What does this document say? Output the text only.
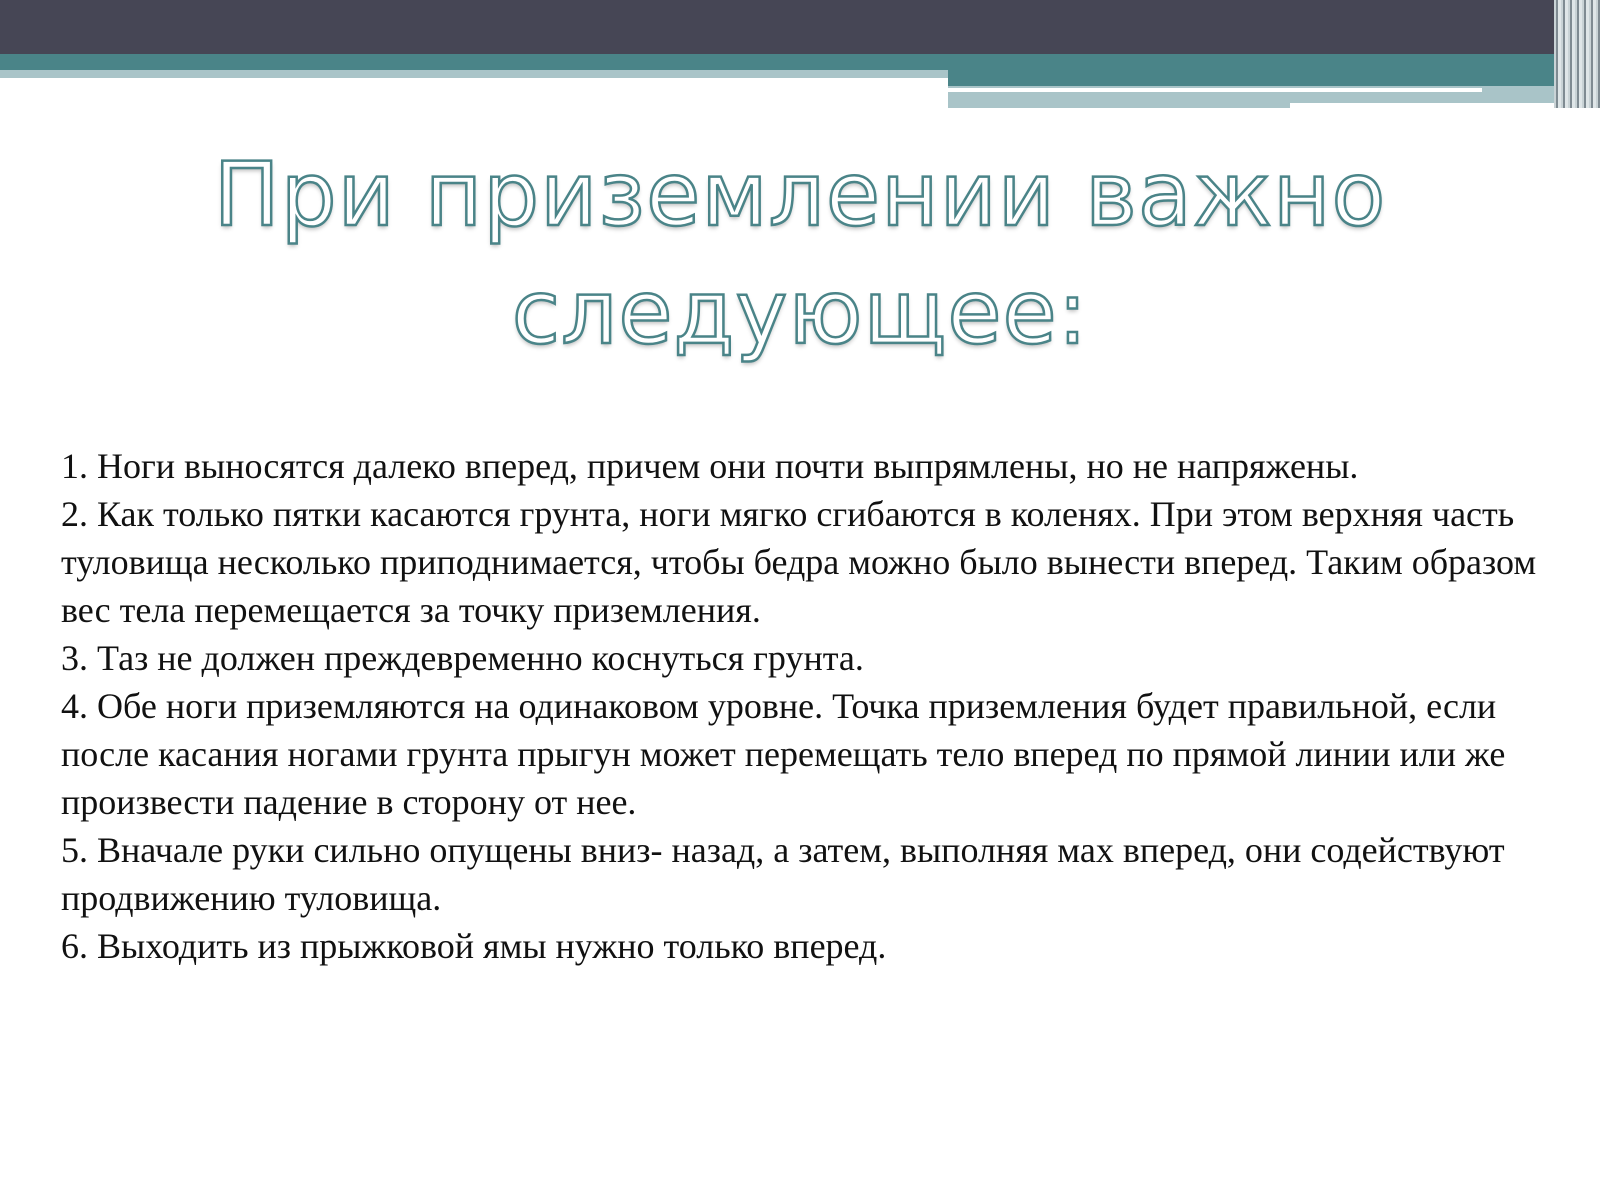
При приземлении важно
следующее:

1. Ноги выносятся далеко вперед, причем они почти выпрямлены, но не напряжены.

2. Как только пятки касаются грунта, ноги мягко сгибаются в коленях. При этом верхняя часть туловища несколько приподнимается, чтобы бедра можно было вынести вперед. Таким образом вес тела перемещается за точку приземления.

3. Таз не должен преждевременно коснуться грунта.

4. Обе ноги приземляются на одинаковом уровне. Точка приземления будет правильной, если после касания ногами грунта прыгун может перемещать тело вперед по прямой линии или же произвести падение в сторону от нее.

5. Вначале руки сильно опущены вниз- назад, а затем, выполняя мах вперед, они содействуют продвижению туловища.

6. Выходить из прыжковой ямы нужно только вперед.
